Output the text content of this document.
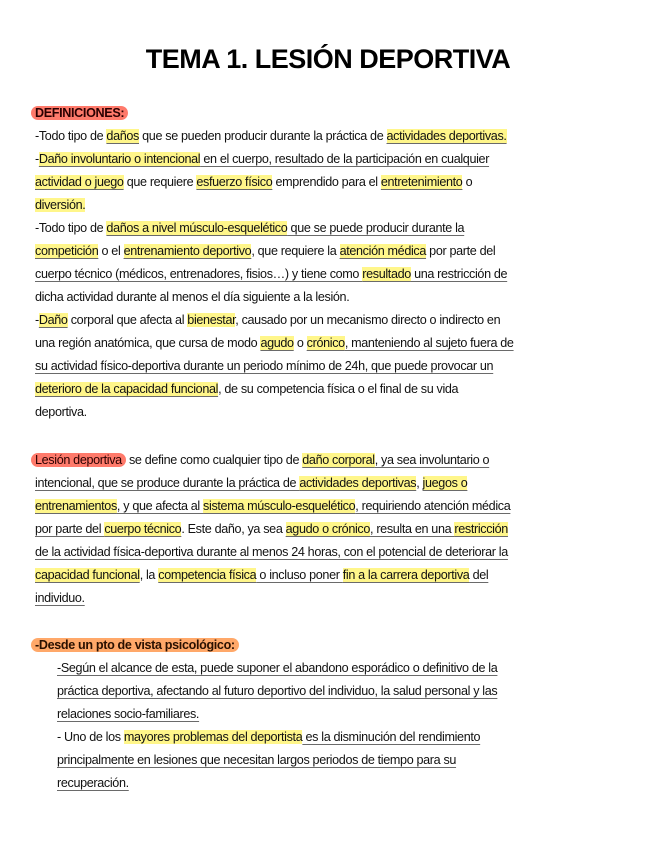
TEMA 1. LESIÓN DEPORTIVA
DEFINICIONES:
-Todo tipo de daños que se pueden producir durante la práctica de actividades deportivas.
-Daño involuntario o intencional en el cuerpo, resultado de la participación en cualquier
actividad o juego que requiere esfuerzo físico emprendido para el entretenimiento o
diversión.
-Todo tipo de daños a nivel músculo-esquelético que se puede producir durante la
competición o el entrenamiento deportivo, que requiere la atención médica por parte del
cuerpo técnico (médicos, entrenadores, fisios…) y tiene como resultado una restricción de
dicha actividad durante al menos el día siguiente a la lesión.
-Daño corporal que afecta al bienestar, causado por un mecanismo directo o indirecto en
una región anatómica, que cursa de modo agudo o crónico, manteniendo al sujeto fuera de
su actividad físico-deportiva durante un periodo mínimo de 24h, que puede provocar un
deterioro de la capacidad funcional, de su competencia física o el final de su vida
deportiva.
Lesión deportiva se define como cualquier tipo de daño corporal, ya sea involuntario o
intencional, que se produce durante la práctica de actividades deportivas, juegos o
entrenamientos, y que afecta al sistema músculo-esquelético, requiriendo atención médica
por parte del cuerpo técnico. Este daño, ya sea agudo o crónico, resulta en una restricción
de la actividad física-deportiva durante al menos 24 horas, con el potencial de deteriorar la
capacidad funcional, la competencia física o incluso poner fin a la carrera deportiva del
individuo.
-Desde un pto de vista psicológico:
-Según el alcance de esta, puede suponer el abandono esporádico o definitivo de la
práctica deportiva, afectando al futuro deportivo del individuo, la salud personal y las
relaciones socio-familiares.
- Uno de los mayores problemas del deportista es la disminución del rendimiento
principalmente en lesiones que necesitan largos periodos de tiempo para su
recuperación.
